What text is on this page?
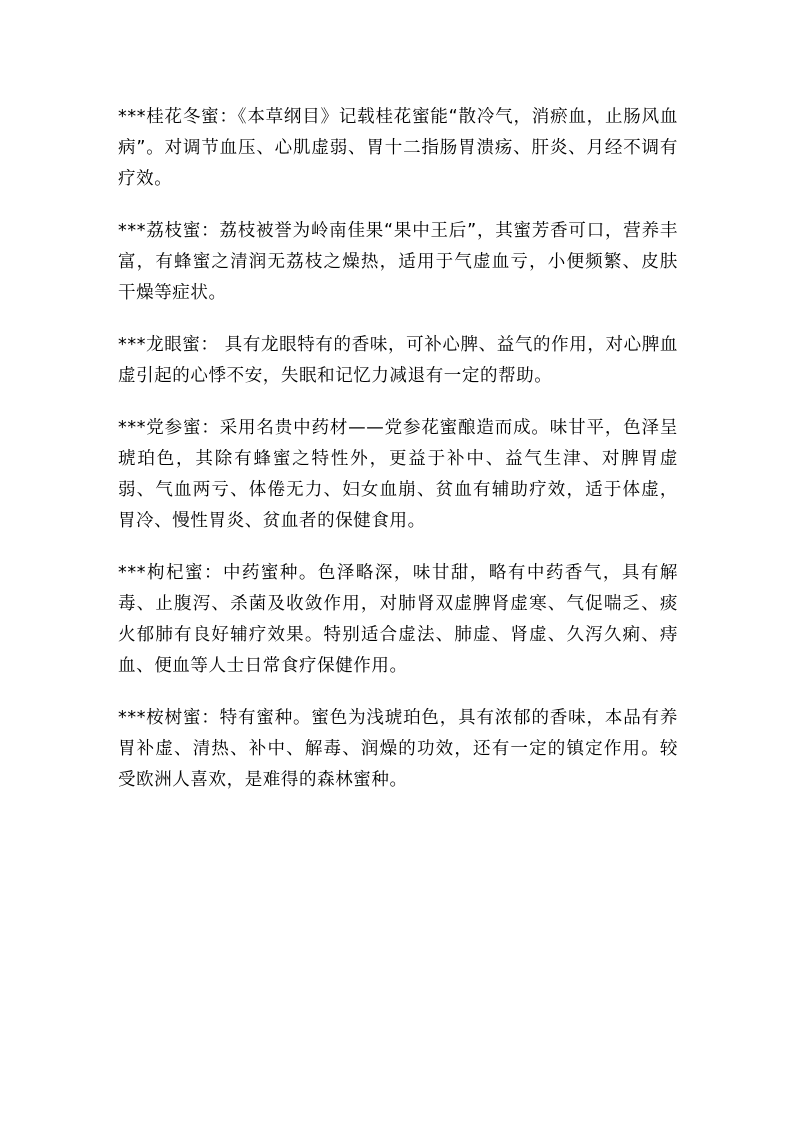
***桂花冬蜜：《本草纲目》记载桂花蜜能“散冷气，消瘀血，止肠风血病”。对调节血压、心肌虚弱、胃十二指肠胃溃疡、肝炎、月经不调有疗效。

***荔枝蜜：荔枝被誉为岭南佳果“果中王后”，其蜜芳香可口，营养丰富，有蜂蜜之清润无荔枝之燥热，适用于气虚血亏，小便频繁、皮肤干燥等症状。

***龙眼蜜： 具有龙眼特有的香味，可补心脾、益气的作用，对心脾血虚引起的心悸不安，失眠和记忆力减退有一定的帮助。

***党参蜜：采用名贵中药材——党参花蜜酿造而成。味甘平，色泽呈琥珀色，其除有蜂蜜之特性外，更益于补中、益气生津、对脾胃虚弱、气血两亏、体倦无力、妇女血崩、贫血有辅助疗效，适于体虚，胃冷、慢性胃炎、贫血者的保健食用。

***枸杞蜜：中药蜜种。色泽略深，味甘甜，略有中药香气，具有解毒、止腹泻、杀菌及收敛作用，对肺肾双虚脾肾虚寒、气促喘乏、痰火郁肺有良好辅疗效果。特别适合虚法、肺虚、肾虚、久泻久痢、痔血、便血等人士日常食疗保健作用。

***桉树蜜：特有蜜种。蜜色为浅琥珀色，具有浓郁的香味，本品有养胃补虚、清热、补中、解毒、润燥的功效，还有一定的镇定作用。较受欧洲人喜欢，是难得的森林蜜种。
